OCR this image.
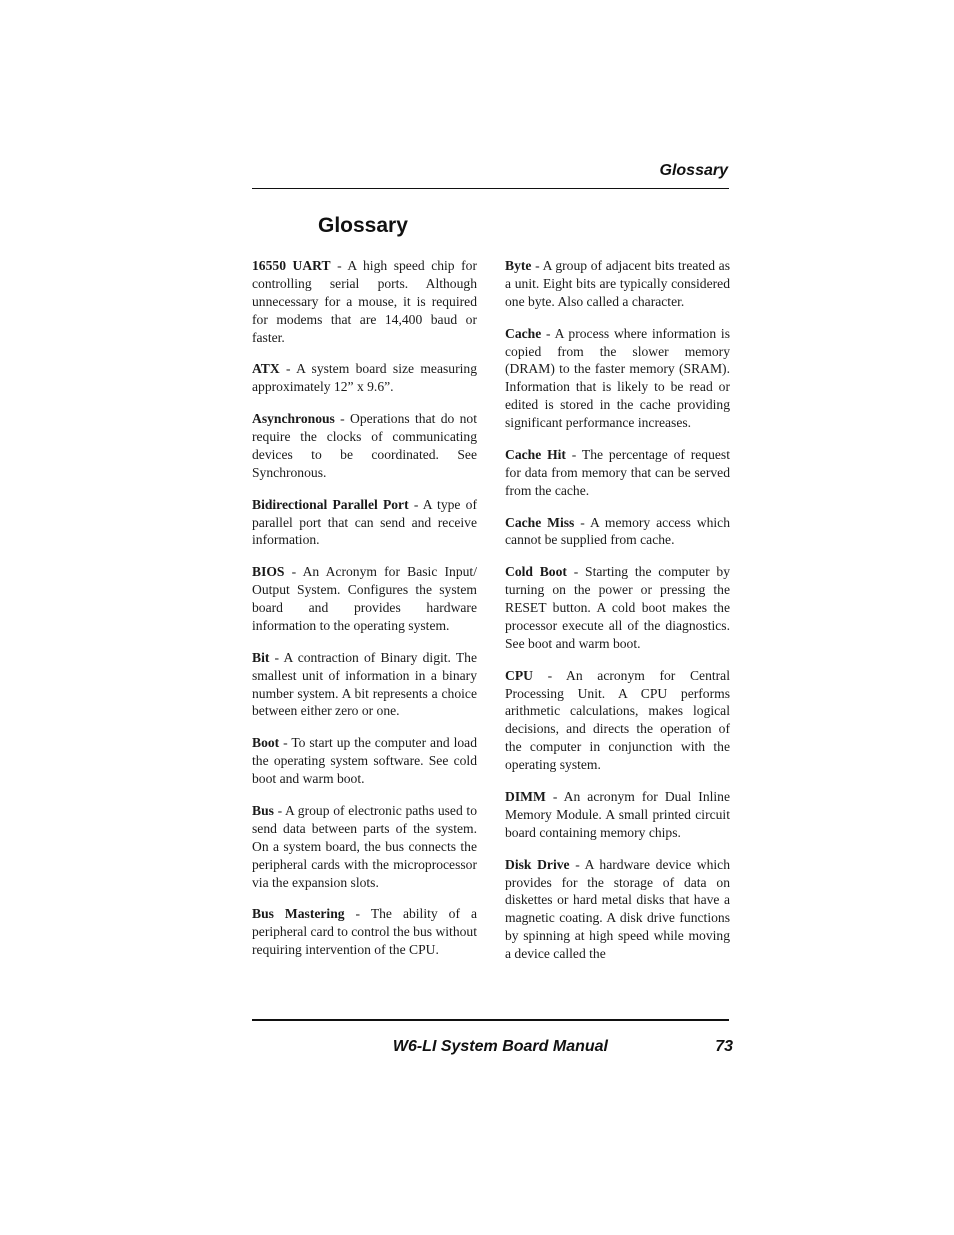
Glossary
Glossary

16550 UART - A high speed chip for controlling serial ports. Although unnecessary for a mouse, it is required for modems that are 14,400 baud or faster.

ATX - A system board size measuring approximately 12” x 9.6”.

Asynchronous - Operations that do not require the clocks of communicating devices to be coordinated. See Synchronous.

Bidirectional Parallel Port - A type of parallel port that can send and receive information.

BIOS - An Acronym for Basic Input/ Output System. Configures the system board and provides hardware information to the operating system.

Bit - A contraction of Binary digit. The smallest unit of information in a binary number system. A bit represents a choice between either zero or one.

Boot - To start up the computer and load the operating system software. See cold boot and warm boot.

Bus - A group of electronic paths used to send data between parts of the system. On a system board, the bus connects the peripheral cards with the microprocessor via the expansion slots.

Bus Mastering - The ability of a peripheral card to control the bus without requiring intervention of the CPU.

Byte - A group of adjacent bits treated as a unit. Eight bits are typically considered one byte. Also called a character.

Cache - A process where information is copied from the slower memory (DRAM) to the faster memory (SRAM). Information that is likely to be read or edited is stored in the cache providing significant performance increases.

Cache Hit - The percentage of request for data from memory that can be served from the cache.

Cache Miss - A memory access which cannot be supplied from cache.

Cold Boot - Starting the computer by turning on the power or pressing the RESET button. A cold boot makes the processor execute all of the diagnostics. See boot and warm boot.

CPU - An acronym for Central Processing Unit. A CPU performs arithmetic calculations, makes logical decisions, and directs the operation of the computer in conjunction with the operating system.

DIMM - An acronym for Dual Inline Memory Module. A small printed circuit board containing memory chips.

Disk Drive - A hardware device which provides for the storage of data on diskettes or hard metal disks that have a magnetic coating. A disk drive functions by spinning at high speed while moving a device called the

W6-LI System Board Manual	73
